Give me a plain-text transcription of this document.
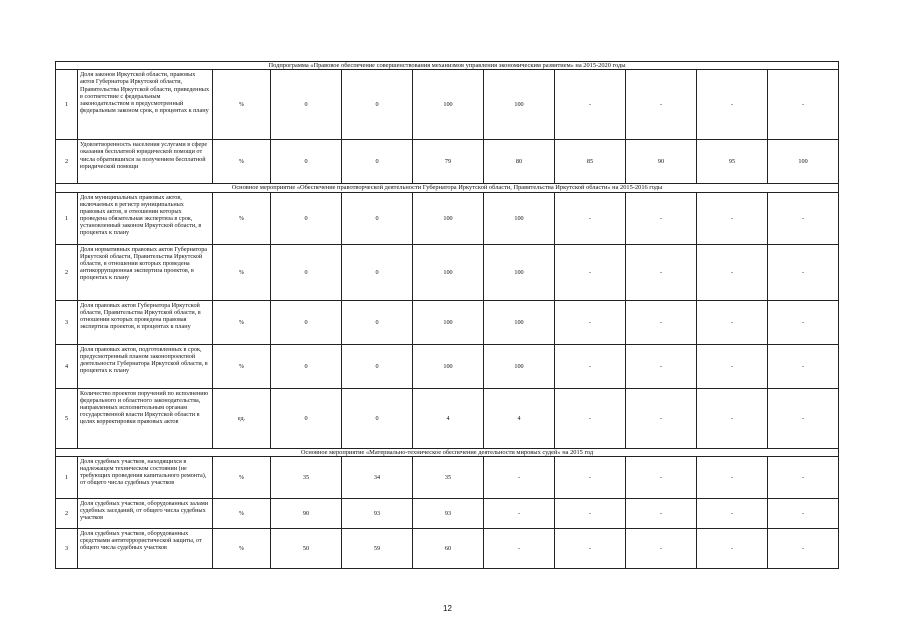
Подпрограмма «Правовое обеспечение совершенствования механизмов управления экономическим развитием» на 2015-2020 годы										
1	Доля законов Иркутской области, правовых актов Губернатора Иркутской области, Правительства Иркутской области, приведенных в соответствие с федеральным законодательством в предусмотренный федеральным законом срок, в процентах к плану	%	0	0	100	100	-	-	-	-
2	Удовлетворенность населения услугами в сфере оказания бесплатной юридической помощи от числа обратившихся за получением бесплатной юридической помощи	%	0	0	79	80	85	90	95	100
Основное мероприятие «Обеспечение правотворческой деятельности Губернатора Иркутской области, Правительства Иркутской области» на 2015-2016 годы										
1	Доля муниципальных правовых актов, включаемых в регистр муниципальных правовых актов, в отношении которых проведена обязательная экспертиза в срок, установленный законом Иркутской области, в процентах к плану	%	0	0	100	100	-	-	-	-
2	Доля нормативных правовых актов Губернатора Иркутской области, Правительства Иркутской области, в отношении которых проведена антикоррупционная экспертиза проектов, в процентах к плану	%	0	0	100	100	-	-	-	-
3	Доля правовых актов Губернатора Иркутской области, Правительства Иркутской области, в отношении которых проведена правовая экспертиза проектов, в процентах к плану	%	0	0	100	100	-	-	-	-
4	Доля правовых актов, подготовленных в срок, предусмотренный планом законопроектной деятельности Губернатора Иркутской области, в процентах к плану	%	0	0	100	100	-	-	-	-
5	Количество проектов поручений по исполнению федерального и областного законодательства, направленных исполнительным органам государственной власти Иркутской области в целях корректировки правовых актов	ед.	0	0	4	4	-	-	-	-
Основное мероприятие «Материально-техническое обеспечение деятельности мировых судей» на 2015 год										
1	Доля судебных участков, находящихся в надлежащем техническом состоянии (не требующих проведения капитального ремонта), от общего числа судебных участков	%	35	34	35	-	-	-	-	-
2	Доля судебных участков, оборудованных залами судебных заседаний, от общего числа судебных участков	%	90	93	93	-	-	-	-	-
3	Доля судебных участков, оборудованных средствами антитеррористической защиты, от общего числа судебных участков	%	50	59	60	-	-	-	-	-
12
